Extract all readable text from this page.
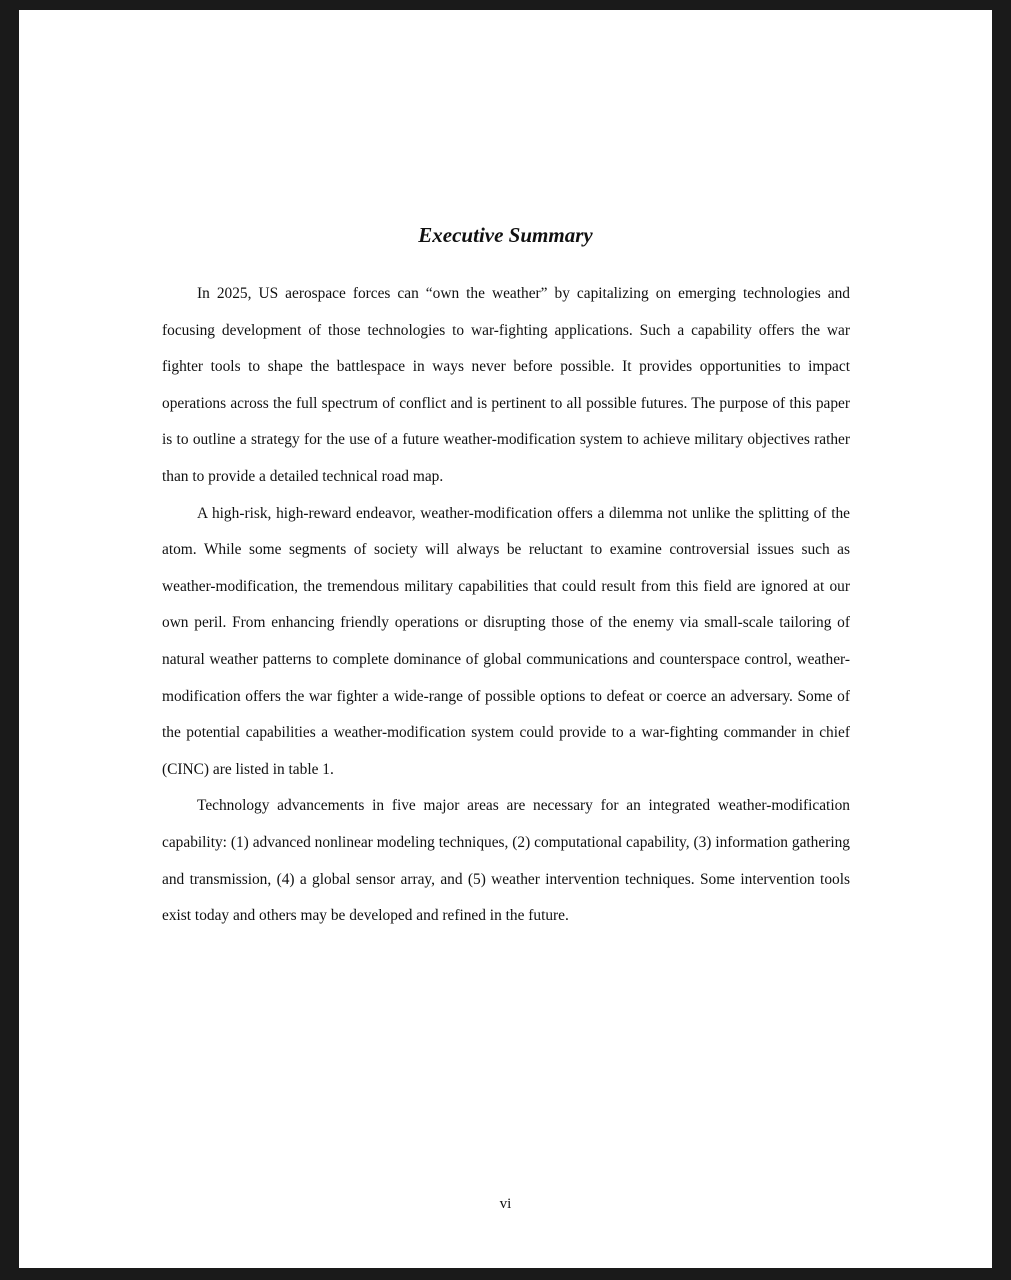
Executive Summary

In 2025, US aerospace forces can “own the weather” by capitalizing on emerging technologies and focusing development of those technologies to war-fighting applications. Such a capability offers the war fighter tools to shape the battlespace in ways never before possible. It provides opportunities to impact operations across the full spectrum of conflict and is pertinent to all possible futures. The purpose of this paper is to outline a strategy for the use of a future weather-modification system to achieve military objectives rather than to provide a detailed technical road map.

A high-risk, high-reward endeavor, weather-modification offers a dilemma not unlike the splitting of the atom. While some segments of society will always be reluctant to examine controversial issues such as weather-modification, the tremendous military capabilities that could result from this field are ignored at our own peril. From enhancing friendly operations or disrupting those of the enemy via small-scale tailoring of natural weather patterns to complete dominance of global communications and counterspace control, weather-modification offers the war fighter a wide-range of possible options to defeat or coerce an adversary. Some of the potential capabilities a weather-modification system could provide to a war-fighting commander in chief (CINC) are listed in table 1.

Technology advancements in five major areas are necessary for an integrated weather-modification capability: (1) advanced nonlinear modeling techniques, (2) computational capability, (3) information gathering and transmission, (4) a global sensor array, and (5) weather intervention techniques. Some intervention tools exist today and others may be developed and refined in the future.

vi
